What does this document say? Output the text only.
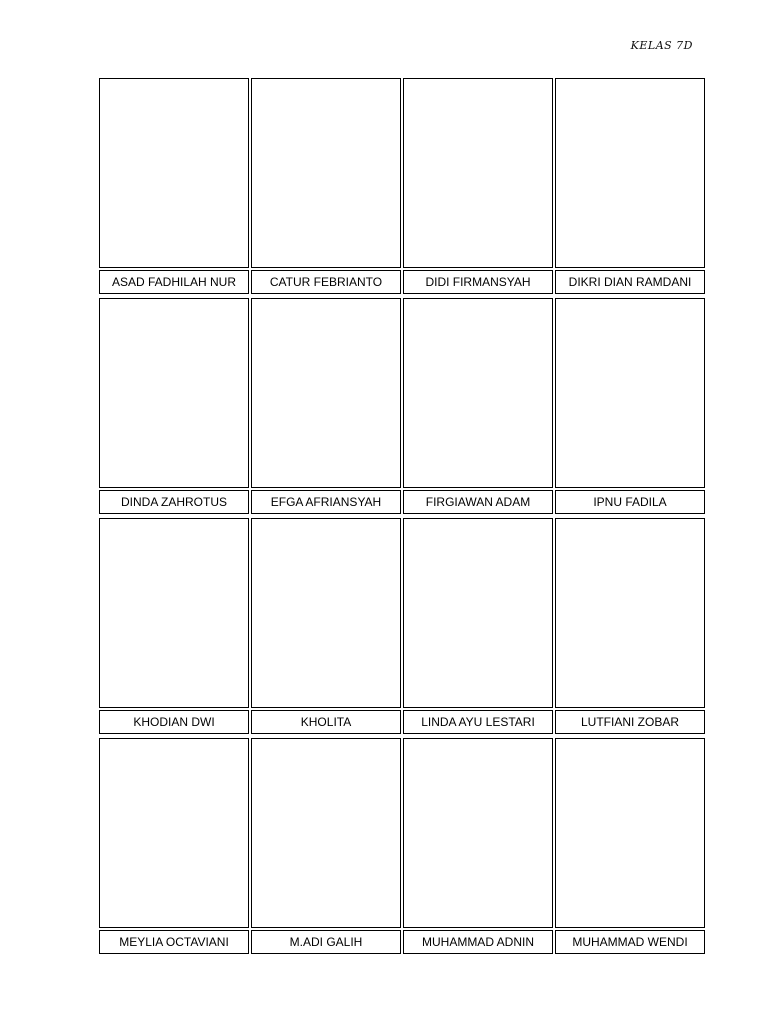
KELAS 7D
ASAD FADHILAH NUR	CATUR FEBRIANTO	DIDI FIRMANSYAH	DIKRI DIAN RAMDANI
DINDA ZAHROTUS	EFGA AFRIANSYAH	FIRGIAWAN ADAM	IPNU FADILA
KHODIAN DWI	KHOLITA	LINDA AYU LESTARI	LUTFIANI ZOBAR
MEYLIA OCTAVIANI	M.ADI GALIH	MUHAMMAD ADNIN	MUHAMMAD WENDI
